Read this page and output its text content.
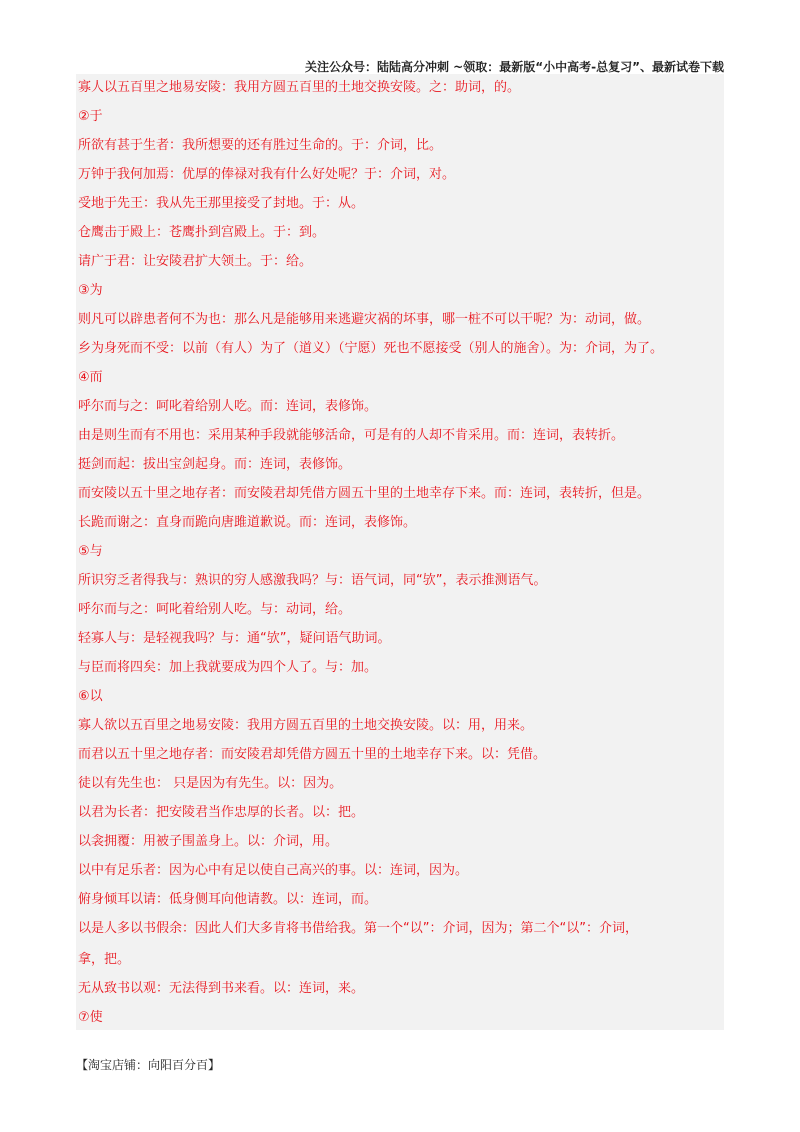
关注公众号：陆陆高分冲刺 ~领取：最新版“小中高考-总复习”、最新试卷下载
寡人以五百里之地易安陵：我用方圆五百里的土地交换安陵。之：助词，的。
②于
所欲有甚于生者：我所想要的还有胜过生命的。于：介词，比。
万钟于我何加焉：优厚的俸禄对我有什么好处呢？于：介词，对。
受地于先王：我从先王那里接受了封地。于：从。
仓鹰击于殿上：苍鹰扑到宫殿上。于：到。
请广于君：让安陵君扩大领土。于：给。
③为
则凡可以辟患者何不为也：那么凡是能够用来逃避灾祸的坏事，哪一桩不可以干呢？为：动词，做。
乡为身死而不受：以前（有人）为了（道义）（宁愿）死也不愿接受（别人的施舍）。为：介词，为了。
④而
呼尔而与之：呵叱着给别人吃。而：连词，表修饰。
由是则生而有不用也：采用某种手段就能够活命，可是有的人却不肯采用。而：连词，表转折。
挺剑而起：拔出宝剑起身。而：连词，表修饰。
而安陵以五十里之地存者：而安陵君却凭借方圆五十里的土地幸存下来。而：连词，表转折，但是。
长跪而谢之：直身而跪向唐雎道歉说。而：连词，表修饰。
⑤与
所识穷乏者得我与：熟识的穷人感激我吗？与：语气词，同“欤”，表示推测语气。
呼尔而与之：呵叱着给别人吃。与：动词，给。
轻寡人与：是轻视我吗？与：通“欤”，疑问语气助词。
与臣而将四矣：加上我就要成为四个人了。与：加。
⑥以
寡人欲以五百里之地易安陵：我用方圆五百里的土地交换安陵。以：用，用来。
而君以五十里之地存者：而安陵君却凭借方圆五十里的土地幸存下来。以：凭借。
徒以有先生也： 只是因为有先生。以：因为。
以君为长者：把安陵君当作忠厚的长者。以：把。
以衾拥覆：用被子围盖身上。以：介词，用。
以中有足乐者：因为心中有足以使自己高兴的事。以：连词，因为。
俯身倾耳以请：低身侧耳向他请教。以：连词，而。
以是人多以书假余：因此人们大多肯将书借给我。第一个“以”：介词，因为；第二个“以”：介词，
拿，把。
无从致书以观：无法得到书来看。以：连词，来。
⑦使
【淘宝店铺：向阳百分百】
